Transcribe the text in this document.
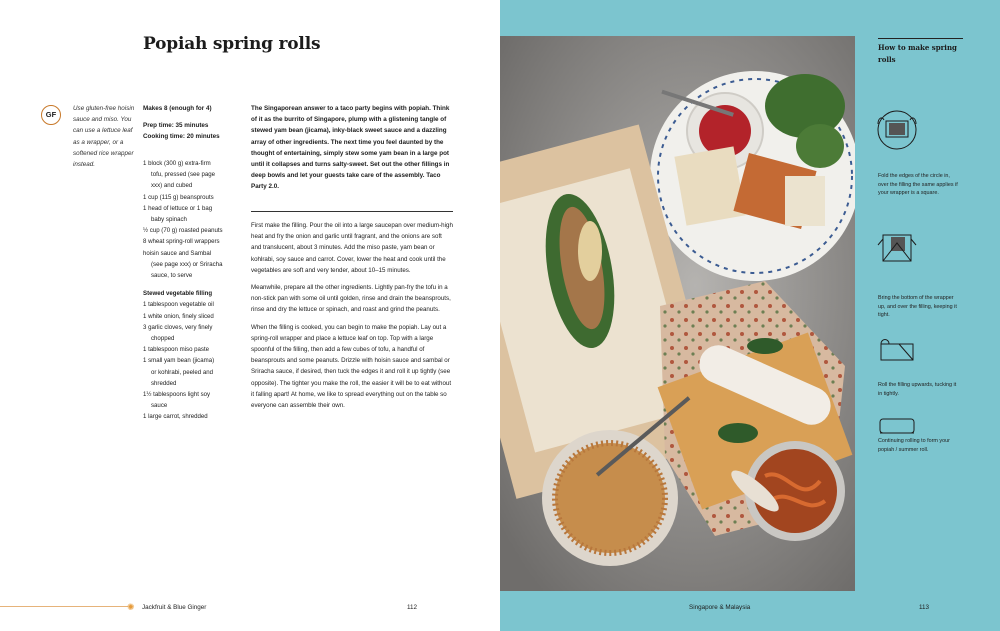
Popiah spring rolls
GF
Use gluten-free hoisin sauce and miso. You can use a lettuce leaf as a wrapper, or a softened rice wrapper instead.
Makes 8 (enough for 4)
Prep time: 35 minutes
Cooking time: 20 minutes
1 block (300 g) extra-firm
tofu, pressed (see page
xxx) and cubed
1 cup (115 g) beansprouts
1 head of lettuce or 1 bag
baby spinach
½ cup (70 g) roasted peanuts
8 wheat spring-roll wrappers
hoisin sauce and Sambal
(see page xxx) or Sriracha
sauce, to serve
Stewed vegetable filling
1 tablespoon vegetable oil
1 white onion, finely sliced
3 garlic cloves, very finely
chopped
1 tablespoon miso paste
1 small yam bean (jicama)
or kohlrabi, peeled and
shredded
1½ tablespoons light soy
sauce
1 large carrot, shredded
The Singaporean answer to a taco party begins with popiah. Think of it as the burrito of Singapore, plump with a glistening tangle of stewed yam bean (jicama), inky-black sweet sauce and a dazzling array of other ingredients. The next time you feel daunted by the thought of entertaining, simply stew some yam bean in a large pot until it collapses and turns salty-sweet. Set out the other fillings in deep bowls and let your guests take care of the assembly. Taco Party 2.0.

First make the filling. Pour the oil into a large saucepan over medium-high heat and fry the onion and garlic until fragrant, and the onions are soft and translucent, about 3 minutes. Add the miso paste, yam bean or kohlrabi, soy sauce and carrot. Cover, lower the heat and cook until the vegetables are soft and very tender, about 10–15 minutes.

Meanwhile, prepare all the other ingredients. Lightly pan-fry the tofu in a non-stick pan with some oil until golden, rinse and drain the beansprouts, rinse and dry the lettuce or spinach, and roast and grind the peanuts.

When the filling is cooked, you can begin to make the popiah. Lay out a spring-roll wrapper and place a lettuce leaf on top. Top with a large spoonful of the filling, then add a few cubes of tofu, a handful of beansprouts and some peanuts. Drizzle with hoisin sauce and sambal or Sriracha sauce, if desired, then tuck the edges it and roll it up tightly (see opposite). The tighter you make the roll, the easier it will be to eat without it falling apart! At home, we like to spread everything out on the table so everyone can assemble their own.

✺ Jackfruit & Blue Ginger	112
How to make spring rolls
Fold the edges of the circle in, over the filling the same applies if your wrapper is a square.
Bring the bottom of the wrapper up, and over the filling, keeping it tight.
Roll the filling upwards, tucking it in tightly.
Continuing rolling to form your popiah / summer roll.
Singapore & Malaysia	113
